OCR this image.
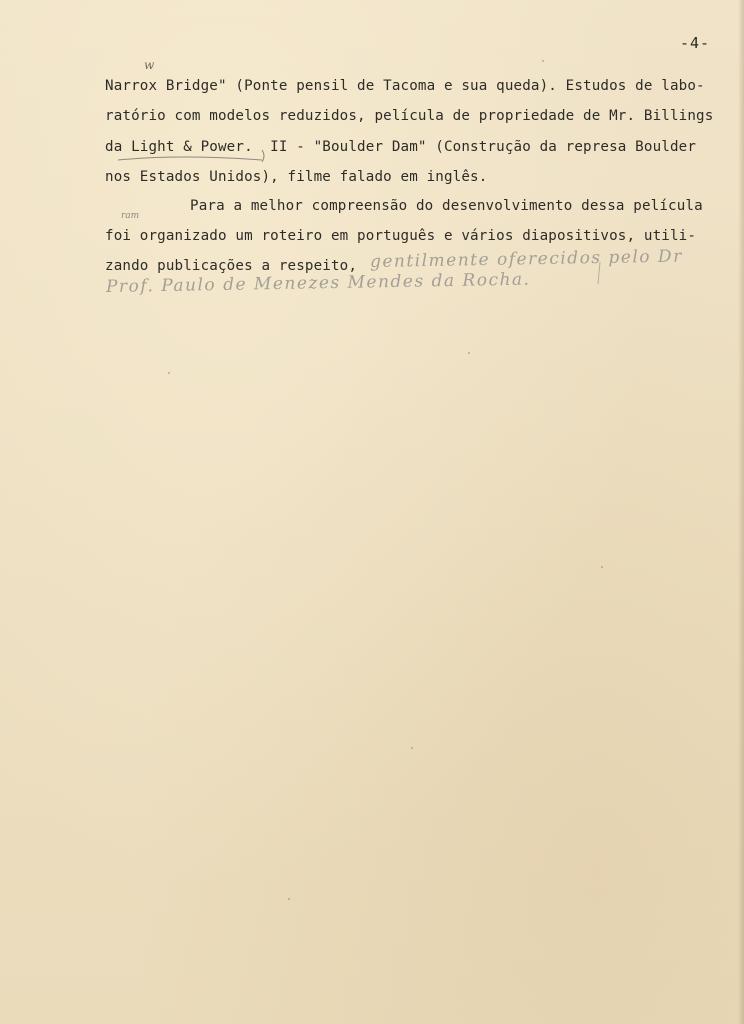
-4-
w
Narrox Bridge" (Ponte pensil de Tacoma e sua queda). Estudos de labo-
ratório com modelos reduzidos, película de propriedade de Mr. Billings
da Light & Power.  II - "Boulder Dam" (Construção da represa Boulder
nos Estados Unidos), filme falado em inglês.
Para a melhor compreensão do desenvolvimento dessa película
ram
foi organizado um roteiro em português e vários diapositivos, utili-
zando publicações a respeito, gentilmente oferecidos pelo Dr
Prof. Paulo de Menezes Mendes da Rocha.
